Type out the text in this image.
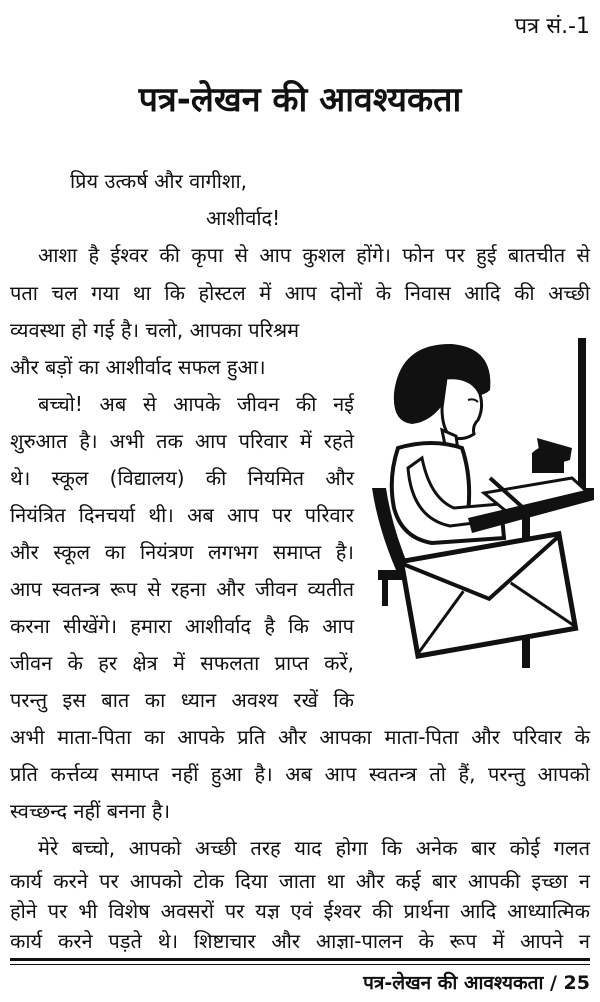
पत्र सं.-1
पत्र-लेखन की आवश्यकता
प्रिय उत्कर्ष और वागीशा,
आशीर्वाद!
आशा है ईश्वर की कृपा से आप कुशल होंगे। फोन पर हुई बातचीत से
पता चल गया था कि होस्टल में आप दोनों के निवास आदि की अच्छी
व्यवस्था हो गई है। चलो, आपका परिश्रम
और बड़ों का आशीर्वाद सफल हुआ।
बच्चो! अब से आपके जीवन की नई
शुरुआत है। अभी तक आप परिवार में रहते
थे। स्कूल (विद्यालय) की नियमित और
नियंत्रित दिनचर्या थी। अब आप पर परिवार
और स्कूल का नियंत्रण लगभग समाप्त है।
आप स्वतन्त्र रूप से रहना और जीवन व्यतीत
करना सीखेंगे। हमारा आशीर्वाद है कि आप
जीवन के हर क्षेत्र में सफलता प्राप्त करें,
परन्तु इस बात का ध्यान अवश्य रखें कि
अभी माता-पिता का आपके प्रति और आपका माता-पिता और परिवार के
प्रति कर्त्तव्य समाप्त नहीं हुआ है। अब आप स्वतन्त्र तो हैं, परन्तु आपको
स्वच्छन्द नहीं बनना है।
मेरे बच्चो, आपको अच्छी तरह याद होगा कि अनेक बार कोई गलत
कार्य करने पर आपको टोक दिया जाता था और कई बार आपकी इच्छा न
होने पर भी विशेष अवसरों पर यज्ञ एवं ईश्वर की प्रार्थना आदि आध्यात्मिक
कार्य करने पड़ते थे। शिष्टाचार और आज्ञा-पालन के रूप में आपने न
पत्र-लेखन की आवश्यकता / 25
